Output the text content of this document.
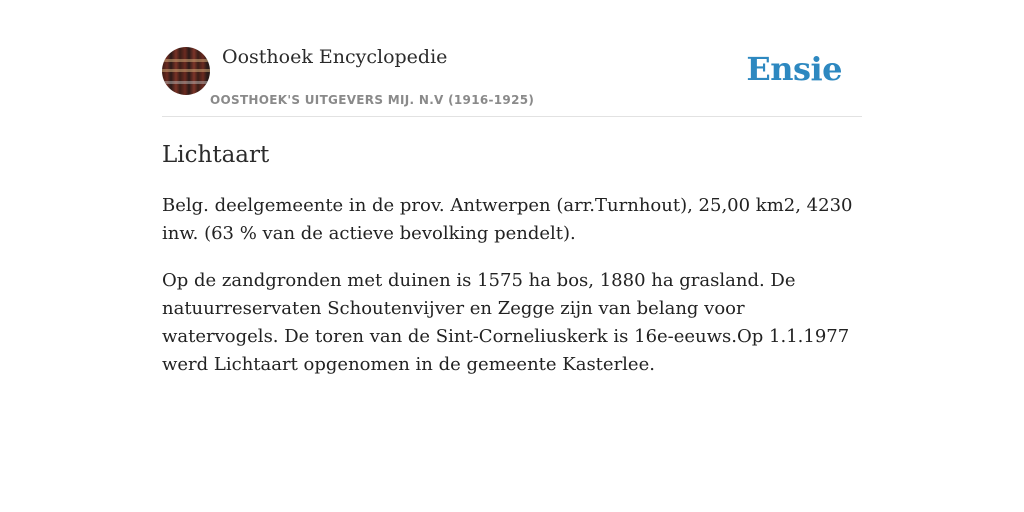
Oosthoek Encyclopedie
OOSTHOEK'S UITGEVERS MIJ. N.V (1916-1925)
Ensie
Lichtaart

Belg. deelgemeente in de prov. Antwerpen (arr.Turnhout), 25,00 km2, 4230 inw. (63 % van de actieve bevolking pendelt).

Op de zandgronden met duinen is 1575 ha bos, 1880 ha grasland. De natuurreservaten Schoutenvijver en Zegge zijn van belang voor watervogels. De toren van de Sint-Corneliuskerk is 16e-eeuws.Op 1.1.1977 werd Lichtaart opgenomen in de gemeente Kasterlee.
